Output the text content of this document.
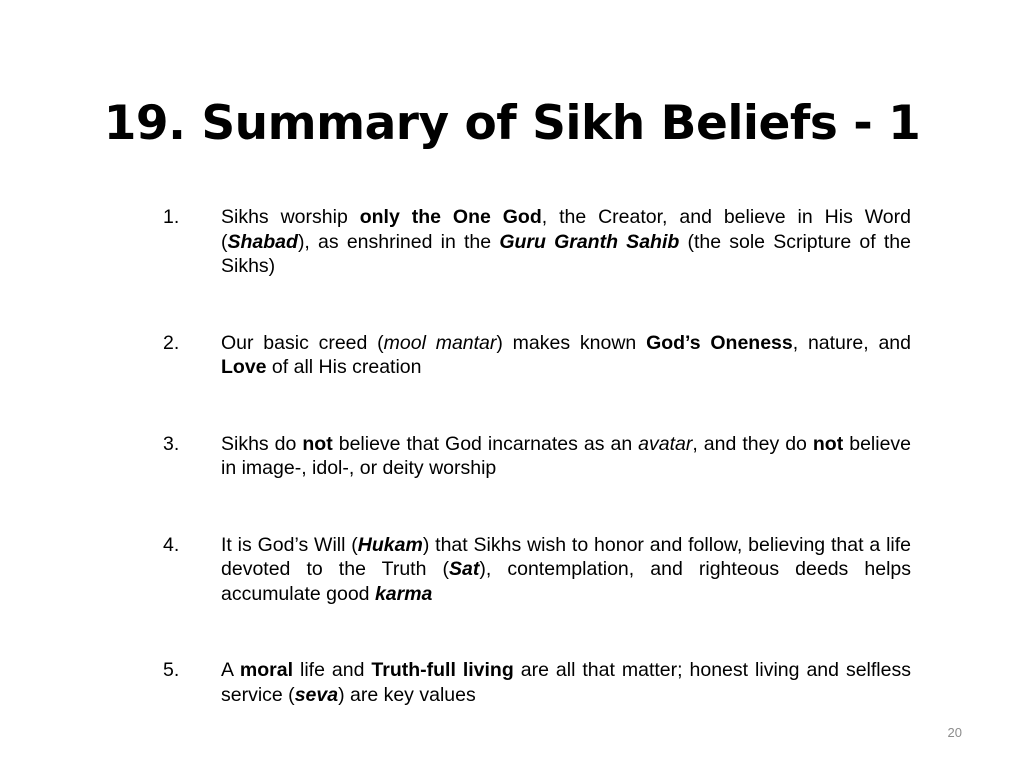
19. Summary of Sikh Beliefs - 1
1.	Sikhs worship only the One God, the Creator, and believe in His Word (Shabad), as enshrined in the Guru Granth Sahib (the sole Scripture of the Sikhs)
2.	Our basic creed (mool mantar) makes known God’s Oneness, nature, and Love of all His creation
3.	Sikhs do not believe that God incarnates as an avatar, and they do not believe in image-, idol-, or deity worship
4.	It is God’s Will (Hukam) that Sikhs wish to honor and follow, believing that a life devoted to the Truth (Sat), contemplation, and righteous deeds helps accumulate good karma
5.	A moral life and Truth-full living are all that matter; honest living and selfless service (seva) are key values
20
